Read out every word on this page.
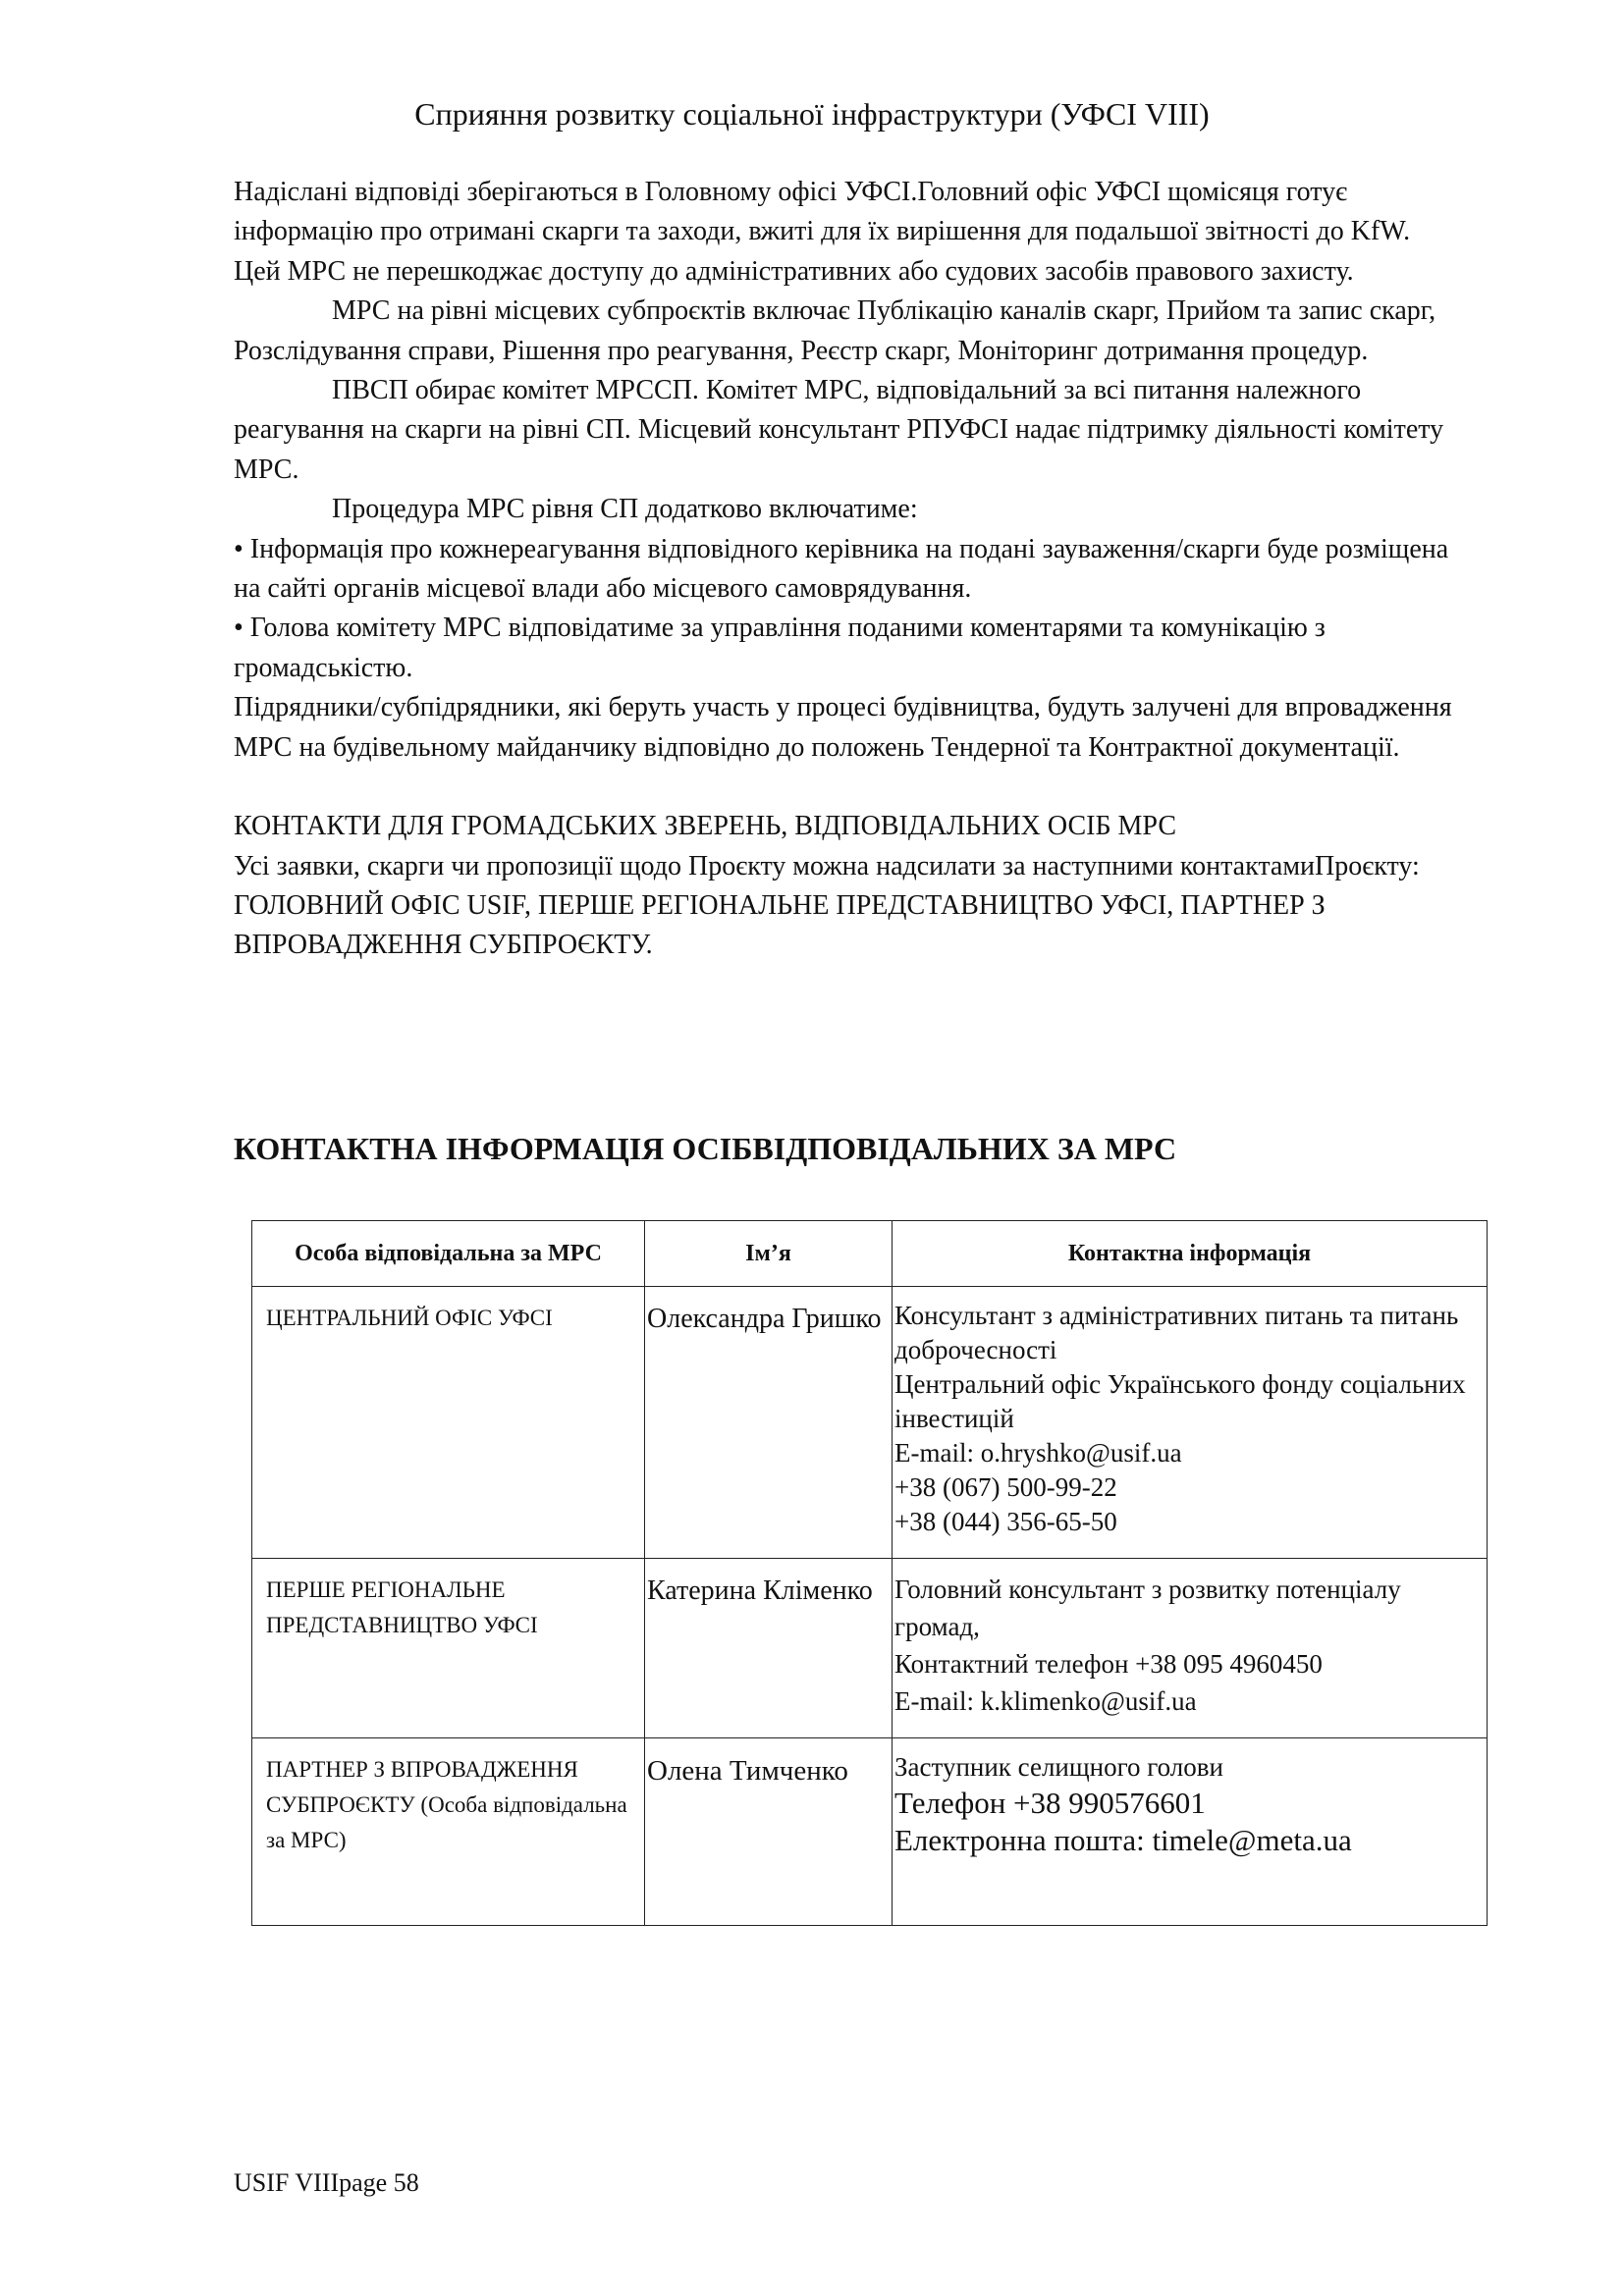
Сприяння розвитку соціальної інфраструктури (УФСІ VIII)

Надіслані відповіді зберігаються в Головному офісі УФСІ.Головний офіс УФСІ щомісяця готує інформацію про отримані скарги та заходи, вжиті для їх вирішення для подальшої звітності до KfW.

Цей МРС не перешкоджає доступу до адміністративних або судових засобів правового захисту.

МРС на рівні місцевих субпроєктів включає Публікацію каналів скарг, Прийом та запис скарг, Розслідування справи, Рішення про реагування, Реєстр скарг, Моніторинг дотримання процедур.

ПВСП обирає комітет МРССП. Комітет МРС, відповідальний за всі питання належного реагування на скарги на рівні СП. Місцевий консультант РПУФСІ надає підтримку діяльності комітету МРС.

Процедура МРС рівня СП додатково включатиме:

• Інформація про кожнереагування відповідного керівника на подані зауваження/скарги буде розміщена на сайті органів місцевої влади або місцевого самоврядування.

• Голова комітету МРС відповідатиме за управління поданими коментарями та комунікацію з громадськістю.

Підрядники/субпідрядники, які беруть участь у процесі будівництва, будуть залучені для впровадження МРС на будівельному майданчику відповідно до положень Тендерної та Контрактної документації.

КОНТАКТИ ДЛЯ ГРОМАДСЬКИХ ЗВЕРЕНЬ, ВІДПОВІДАЛЬНИХ ОСІБ МРС

Усі заявки, скарги чи пропозиції щодо Проєкту можна надсилати за наступними контактамиПроєкту: ГОЛОВНИЙ ОФІС USIF, ПЕРШЕ РЕГІОНАЛЬНЕ ПРЕДСТАВНИЦТВО УФСІ, ПАРТНЕР З ВПРОВАДЖЕННЯ СУБПРОЄКТУ.

КОНТАКТНА ІНФОРМАЦІЯ ОСІБВІДПОВІДАЛЬНИХ ЗА МРС
Особа відповідальна за МРС	Ім’я	Контактна інформація

ЦЕНТРАЛЬНИЙ ОФІС УФСІ	Олександра Гришко	Консультант з адміністративних питань та питань доброчесності
Центральний офіс Українського фонду соціальних інвестицій
E-mail: o.hryshko@usif.ua
+38 (067) 500-99-22
+38 (044) 356-65-50

ПЕРШЕ РЕГІОНАЛЬНЕ ПРЕДСТАВНИЦТВО УФСІ	Катерина Кліменко	Головний консультант з розвитку потенціалу громад,
Контактний телефон +38 095 4960450
E-mail: k.klimenko@usif.ua

ПАРТНЕР З ВПРОВАДЖЕННЯ СУБПРОЄКТУ (Особа відповідальна за МРС)	Олена Тимченко	Заступник селищного голови
Телефон +38 990576601
Електронна пошта: timele@meta.ua
USIF VIIIpage 58
